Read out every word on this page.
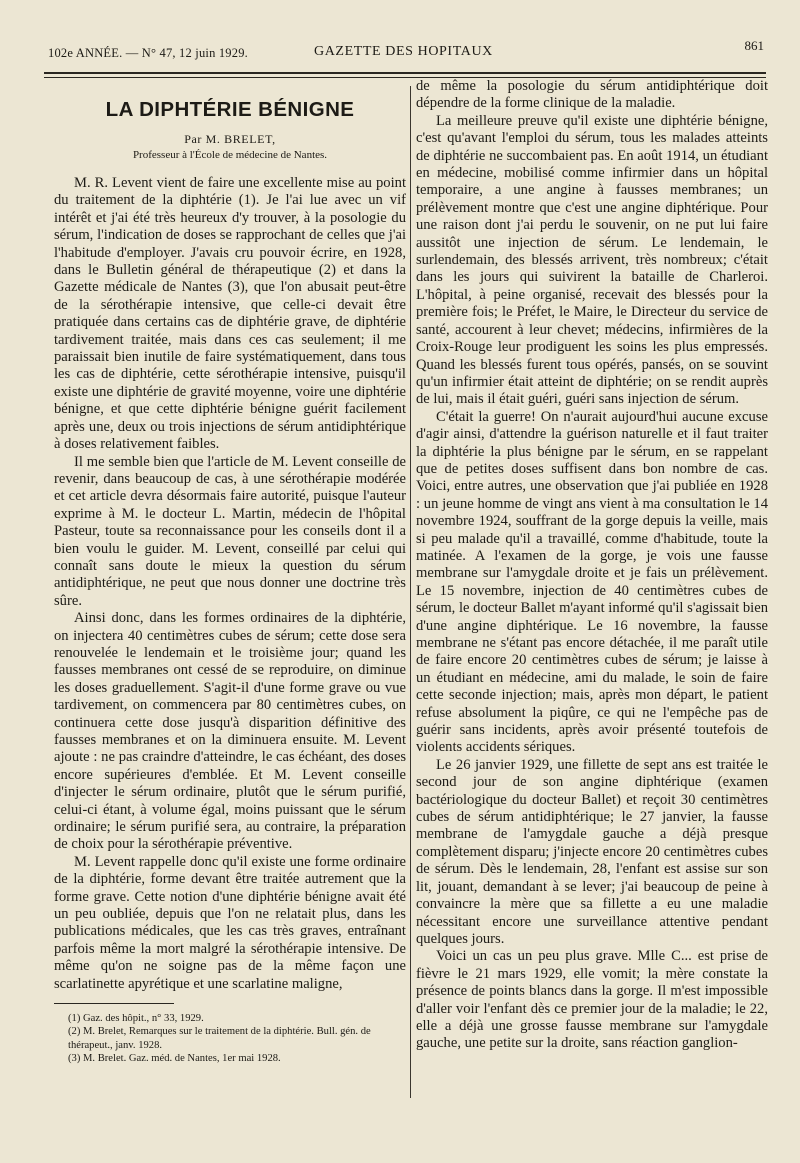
102e ANNÉE. — N° 47, 12 juin 1929.	GAZETTE DES HOPITAUX	861
LA DIPHTÉRIE BÉNIGNE

Par M. BRELET,

Professeur à l'École de médecine de Nantes.

M. R. Levent vient de faire une excellente mise au point du traitement de la diphtérie (1). Je l'ai lue avec un vif intérêt et j'ai été très heureux d'y trouver, à la posologie du sérum, l'indication de doses se rapprochant de celles que j'ai l'habitude d'employer. J'avais cru pouvoir écrire, en 1928, dans le Bulletin général de thérapeutique (2) et dans la Gazette médicale de Nantes (3), que l'on abusait peut-être de la sérothérapie intensive, que celle-ci devait être pratiquée dans certains cas de diphtérie grave, de diphtérie tardivement traitée, mais dans ces cas seulement; il me paraissait bien inutile de faire systématiquement, dans tous les cas de diphtérie, cette sérothérapie intensive, puisqu'il existe une diphtérie de gravité moyenne, voire une diphtérie bénigne, et que cette diphtérie bénigne guérit facilement après une, deux ou trois injections de sérum antidiphtérique à doses relativement faibles.

Il me semble bien que l'article de M. Levent conseille de revenir, dans beaucoup de cas, à une sérothérapie modérée et cet article devra désormais faire autorité, puisque l'auteur exprime à M. le docteur L. Martin, médecin de l'hôpital Pasteur, toute sa reconnaissance pour les conseils dont il a bien voulu le guider. M. Levent, conseillé par celui qui connaît sans doute le mieux la question du sérum antidiphtérique, ne peut que nous donner une doctrine très sûre.

Ainsi donc, dans les formes ordinaires de la diphtérie, on injectera 40 centimètres cubes de sérum; cette dose sera renouvelée le lendemain et le troisième jour; quand les fausses membranes ont cessé de se reproduire, on diminue les doses graduellement. S'agit-il d'une forme grave ou vue tardivement, on commencera par 80 centimètres cubes, on continuera cette dose jusqu'à disparition définitive des fausses membranes et on la diminuera ensuite. M. Levent ajoute : ne pas craindre d'atteindre, le cas échéant, des doses encore supérieures d'emblée. Et M. Levent conseille d'injecter le sérum ordinaire, plutôt que le sérum purifié, celui-ci étant, à volume égal, moins puissant que le sérum ordinaire; le sérum purifié sera, au contraire, la préparation de choix pour la sérothérapie préventive.

M. Levent rappelle donc qu'il existe une forme ordinaire de la diphtérie, forme devant être traitée autrement que la forme grave. Cette notion d'une diphtérie bénigne avait été un peu oubliée, depuis que l'on ne relatait plus, dans les publications médicales, que les cas très graves, entraînant parfois même la mort malgré la sérothérapie intensive. De même qu'on ne soigne pas de la même façon une scarlatinette apyrétique et une scarlatine maligne,

(1) Gaz. des hôpit., n° 33, 1929.

(2) M. Brelet, Remarques sur le traitement de la diphtérie. Bull. gén. de thérapeut., janv. 1928.

(3) M. Brelet. Gaz. méd. de Nantes, 1er mai 1928.

de même la posologie du sérum antidiphtérique doit dépendre de la forme clinique de la maladie.

La meilleure preuve qu'il existe une diphtérie bénigne, c'est qu'avant l'emploi du sérum, tous les malades atteints de diphtérie ne succombaient pas. En août 1914, un étudiant en médecine, mobilisé comme infirmier dans un hôpital temporaire, a une angine à fausses membranes; un prélèvement montre que c'est une angine diphtérique. Pour une raison dont j'ai perdu le souvenir, on ne put lui faire aussitôt une injection de sérum. Le lendemain, le surlendemain, des blessés arrivent, très nombreux; c'était dans les jours qui suivirent la bataille de Charleroi. L'hôpital, à peine organisé, recevait des blessés pour la première fois; le Préfet, le Maire, le Directeur du service de santé, accourent à leur chevet; médecins, infirmières de la Croix-Rouge leur prodiguent les soins les plus empressés. Quand les blessés furent tous opérés, pansés, on se souvint qu'un infirmier était atteint de diphtérie; on se rendit auprès de lui, mais il était guéri, guéri sans injection de sérum.

C'était la guerre! On n'aurait aujourd'hui aucune excuse d'agir ainsi, d'attendre la guérison naturelle et il faut traiter la diphtérie la plus bénigne par le sérum, en se rappelant que de petites doses suffisent dans bon nombre de cas. Voici, entre autres, une observation que j'ai publiée en 1928 : un jeune homme de vingt ans vient à ma consultation le 14 novembre 1924, souffrant de la gorge depuis la veille, mais si peu malade qu'il a travaillé, comme d'habitude, toute la matinée. A l'examen de la gorge, je vois une fausse membrane sur l'amygdale droite et je fais un prélèvement. Le 15 novembre, injection de 40 centimètres cubes de sérum, le docteur Ballet m'ayant informé qu'il s'agissait bien d'une angine diphtérique. Le 16 novembre, la fausse membrane ne s'étant pas encore détachée, il me paraît utile de faire encore 20 centimètres cubes de sérum; je laisse à un étudiant en médecine, ami du malade, le soin de faire cette seconde injection; mais, après mon départ, le patient refuse absolument la piqûre, ce qui ne l'empêche pas de guérir sans incidents, après avoir présenté toutefois de violents accidents sériques.

Le 26 janvier 1929, une fillette de sept ans est traitée le second jour de son angine diphtérique (examen bactériologique du docteur Ballet) et reçoit 30 centimètres cubes de sérum antidiphtérique; le 27 janvier, la fausse membrane de l'amygdale gauche a déjà presque complètement disparu; j'injecte encore 20 centimètres cubes de sérum. Dès le lendemain, 28, l'enfant est assise sur son lit, jouant, demandant à se lever; j'ai beaucoup de peine à convaincre la mère que sa fillette a eu une maladie nécessitant encore une surveillance attentive pendant quelques jours.

Voici un cas un peu plus grave. Mlle C... est prise de fièvre le 21 mars 1929, elle vomit; la mère constate la présence de points blancs dans la gorge. Il m'est impossible d'aller voir l'enfant dès ce premier jour de la maladie; le 22, elle a déjà une grosse fausse membrane sur l'amygdale gauche, une petite sur la droite, sans réaction ganglion-
